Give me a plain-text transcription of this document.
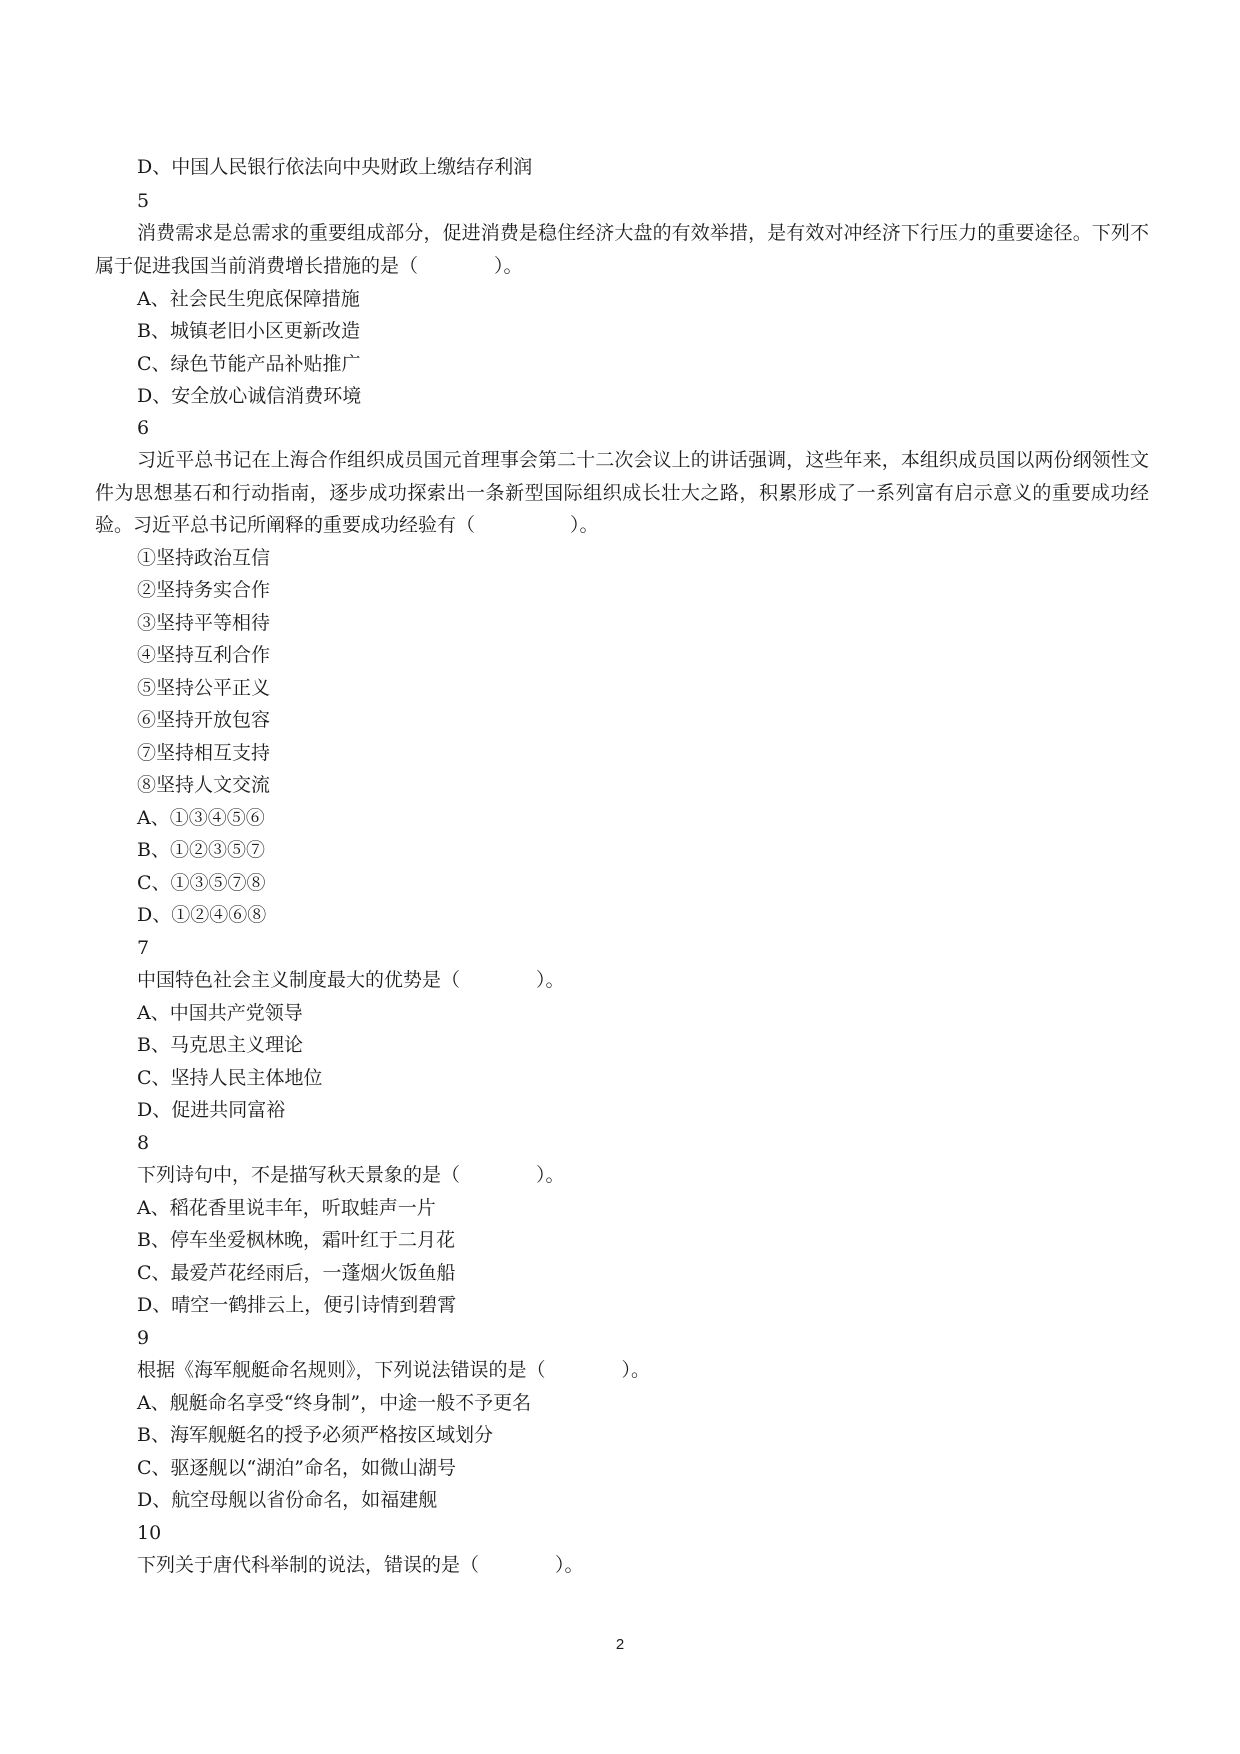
D、中国人民银行依法向中央财政上缴结存利润
5
消费需求是总需求的重要组成部分，促进消费是稳住经济大盘的有效举措，是有效对冲经济下行压力的重要途径。下列不属于促进我国当前消费增长措施的是（　　　　）。
A、社会民生兜底保障措施
B、城镇老旧小区更新改造
C、绿色节能产品补贴推广
D、安全放心诚信消费环境
6
习近平总书记在上海合作组织成员国元首理事会第二十二次会议上的讲话强调，这些年来，本组织成员国以两份纲领性文件为思想基石和行动指南，逐步成功探索出一条新型国际组织成长壮大之路，积累形成了一系列富有启示意义的重要成功经验。习近平总书记所阐释的重要成功经验有（　　　　　）。
①坚持政治互信
②坚持务实合作
③坚持平等相待
④坚持互利合作
⑤坚持公平正义
⑥坚持开放包容
⑦坚持相互支持
⑧坚持人文交流
A、①③④⑤⑥
B、①②③⑤⑦
C、①③⑤⑦⑧
D、①②④⑥⑧
7
中国特色社会主义制度最大的优势是（　　　　）。
A、中国共产党领导
B、马克思主义理论
C、坚持人民主体地位
D、促进共同富裕
8
下列诗句中，不是描写秋天景象的是（　　　　）。
A、稻花香里说丰年，听取蛙声一片
B、停车坐爱枫林晚，霜叶红于二月花
C、最爱芦花经雨后，一蓬烟火饭鱼船
D、晴空一鹤排云上，便引诗情到碧霄
9
根据《海军舰艇命名规则》，下列说法错误的是（　　　　）。
A、舰艇命名享受“终身制”，中途一般不予更名
B、海军舰艇名的授予必须严格按区域划分
C、驱逐舰以“湖泊”命名，如微山湖号
D、航空母舰以省份命名，如福建舰
10
下列关于唐代科举制的说法，错误的是（　　　　）。
2
